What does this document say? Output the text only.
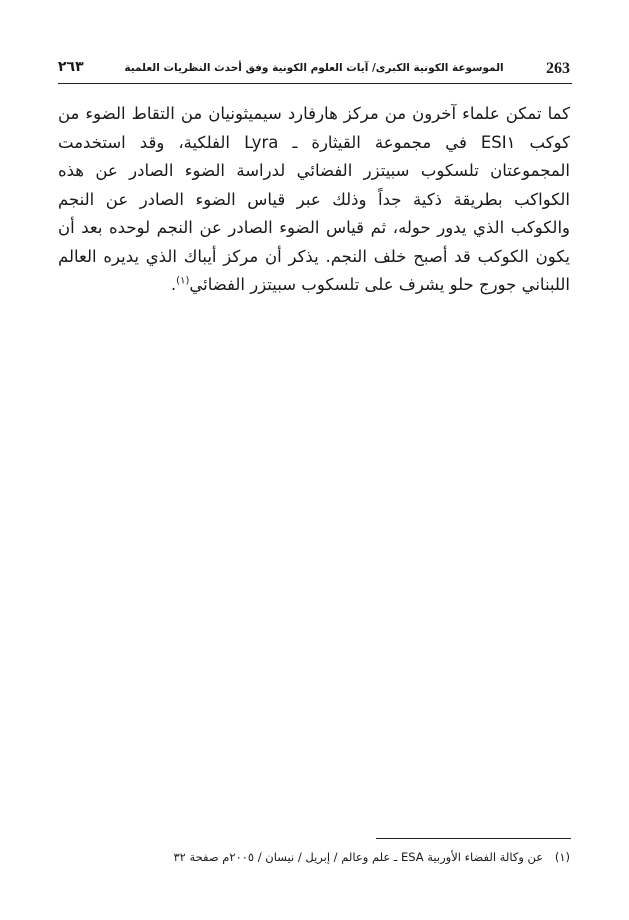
263
الموسوعة الكونية الكبرى/ آيات العلوم الكونية وفق أحدث النظريات العلمية
٢٦٣

كما تمكن علماء آخرون من مركز هارفارد سيميثونيان من التقاط الضوء من كوكب ESI١ في مجموعة القيثارة ـ Lyra الفلكية، وقد استخدمت المجموعتان تلسكوب سبيتزر الفضائي لدراسة الضوء الصادر عن هذه الكواكب بطريقة ذكية جداً وذلك عبر قياس الضوء الصادر عن النجم والكوكب الذي يدور حوله، ثم قياس الضوء الصادر عن النجم لوحده بعد أن يكون الكوكب قد أصبح خلف النجم. يذكر أن مركز أيباك الذي يديره العالم اللبناني جورج حلو يشرف على تلسكوب سبيتزر الفضائي$^{(١)}$.

(١) عن وكالة الفضاء الأوربية ESA ـ علم وعالم / إبريل / نيسان / ٢٠٠٥م صفحة ٣٢
